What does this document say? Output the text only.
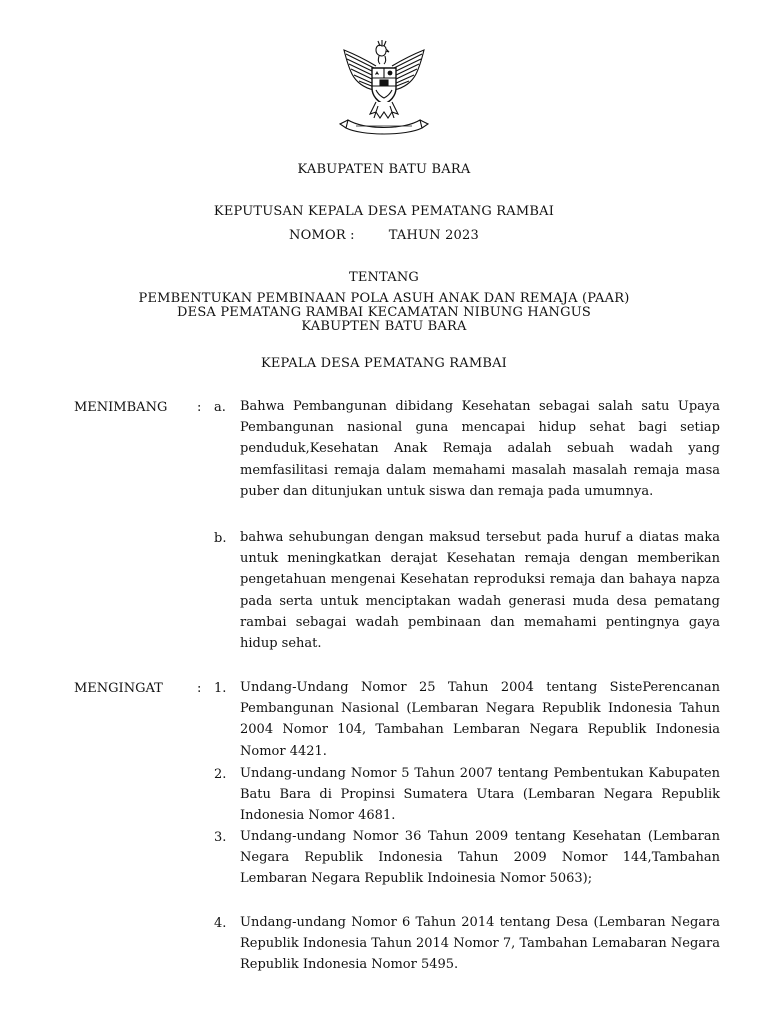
KABUPATEN BATU BARA
KEPUTUSAN KEPALA DESA PEMATANG RAMBAI
NOMOR :	TAHUN 2023
TENTANG
PEMBENTUKAN PEMBINAAN POLA ASUH ANAK DAN REMAJA (PAAR)
DESA PEMATANG RAMBAI KECAMATAN NIBUNG HANGUS
KABUPTEN BATU BARA
KEPALA DESA PEMATANG RAMBAI
MENIMBANG : a. Bahwa Pembangunan dibidang Kesehatan sebagai salah satu Upaya Pembangunan nasional guna mencapai hidup sehat bagi setiap penduduk,Kesehatan Anak Remaja adalah sebuah wadah yang memfasilitasi remaja dalam memahami masalah masalah remaja masa puber dan ditunjukan untuk siswa dan remaja pada umumnya.
b. bahwa sehubungan dengan maksud tersebut pada huruf a diatas maka untuk meningkatkan derajat Kesehatan remaja dengan memberikan pengetahuan mengenai Kesehatan reproduksi remaja dan bahaya napza pada serta untuk menciptakan wadah generasi muda desa pematang rambai sebagai wadah pembinaan dan memahami pentingnya gaya hidup sehat.
MENGINGAT	: 1. Undang-Undang Nomor 25 Tahun 2004 tentang SistePerencanan Pembangunan Nasional (Lembaran Negara Republik Indonesia Tahun 2004 Nomor 104, Tambahan Lembaran Negara Republik Indonesia Nomor 4421.
2. Undang-undang Nomor 5 Tahun 2007 tentang Pembentukan Kabupaten Batu Bara di Propinsi Sumatera Utara (Lembaran Negara Republik Indonesia Nomor 4681.
3. Undang-undang Nomor 36 Tahun 2009 tentang Kesehatan (Lembaran Negara Republik Indonesia Tahun 2009 Nomor 144,Tambahan Lembaran Negara Republik Indoinesia Nomor 5063);
4. Undang-undang Nomor 6 Tahun 2014 tentang Desa (Lembaran Negara Republik Indonesia Tahun 2014 Nomor 7, Tambahan Lemabaran Negara Republik Indonesia Nomor 5495.
